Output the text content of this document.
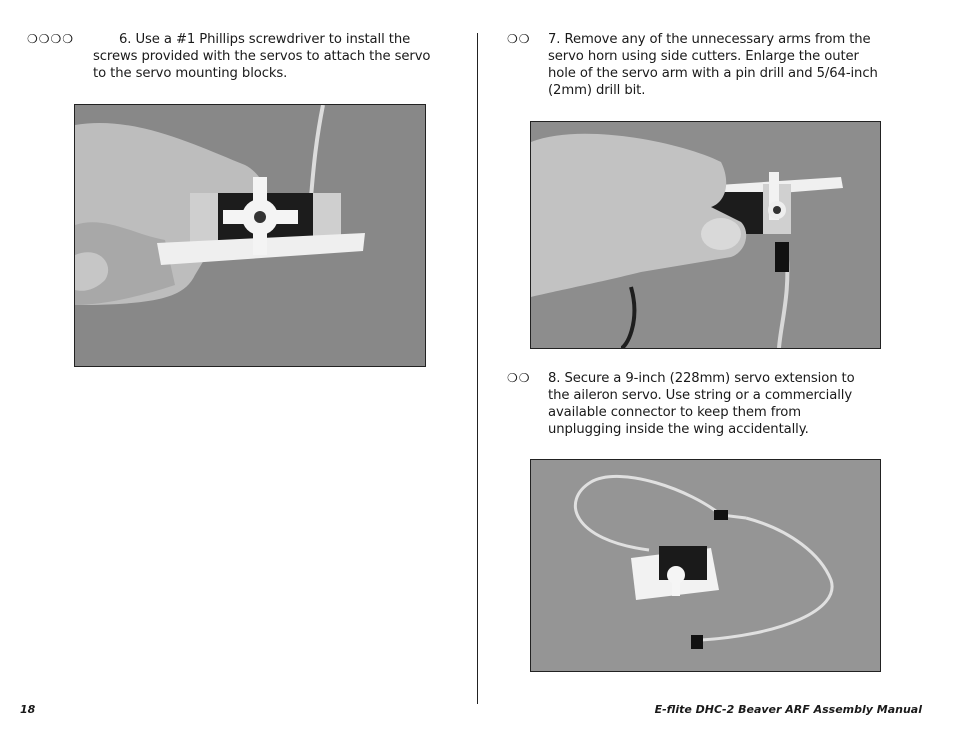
❍❍❍❍	6. Use a #1 Phillips screwdriver to install the screws provided with the servos to attach the servo to the servo mounting blocks.
❍❍ 7. Remove any of the unnecessary arms from the servo horn using side cutters. Enlarge the outer hole of the servo arm with a pin drill and 5/64-inch (2mm) drill bit.
❍❍ 8. Secure a 9-inch (228mm) servo extension to the aileron servo. Use string or a commercially available connector to keep them from unplugging inside the wing accidentally.
18	E-flite DHC-2 Beaver ARF Assembly Manual
